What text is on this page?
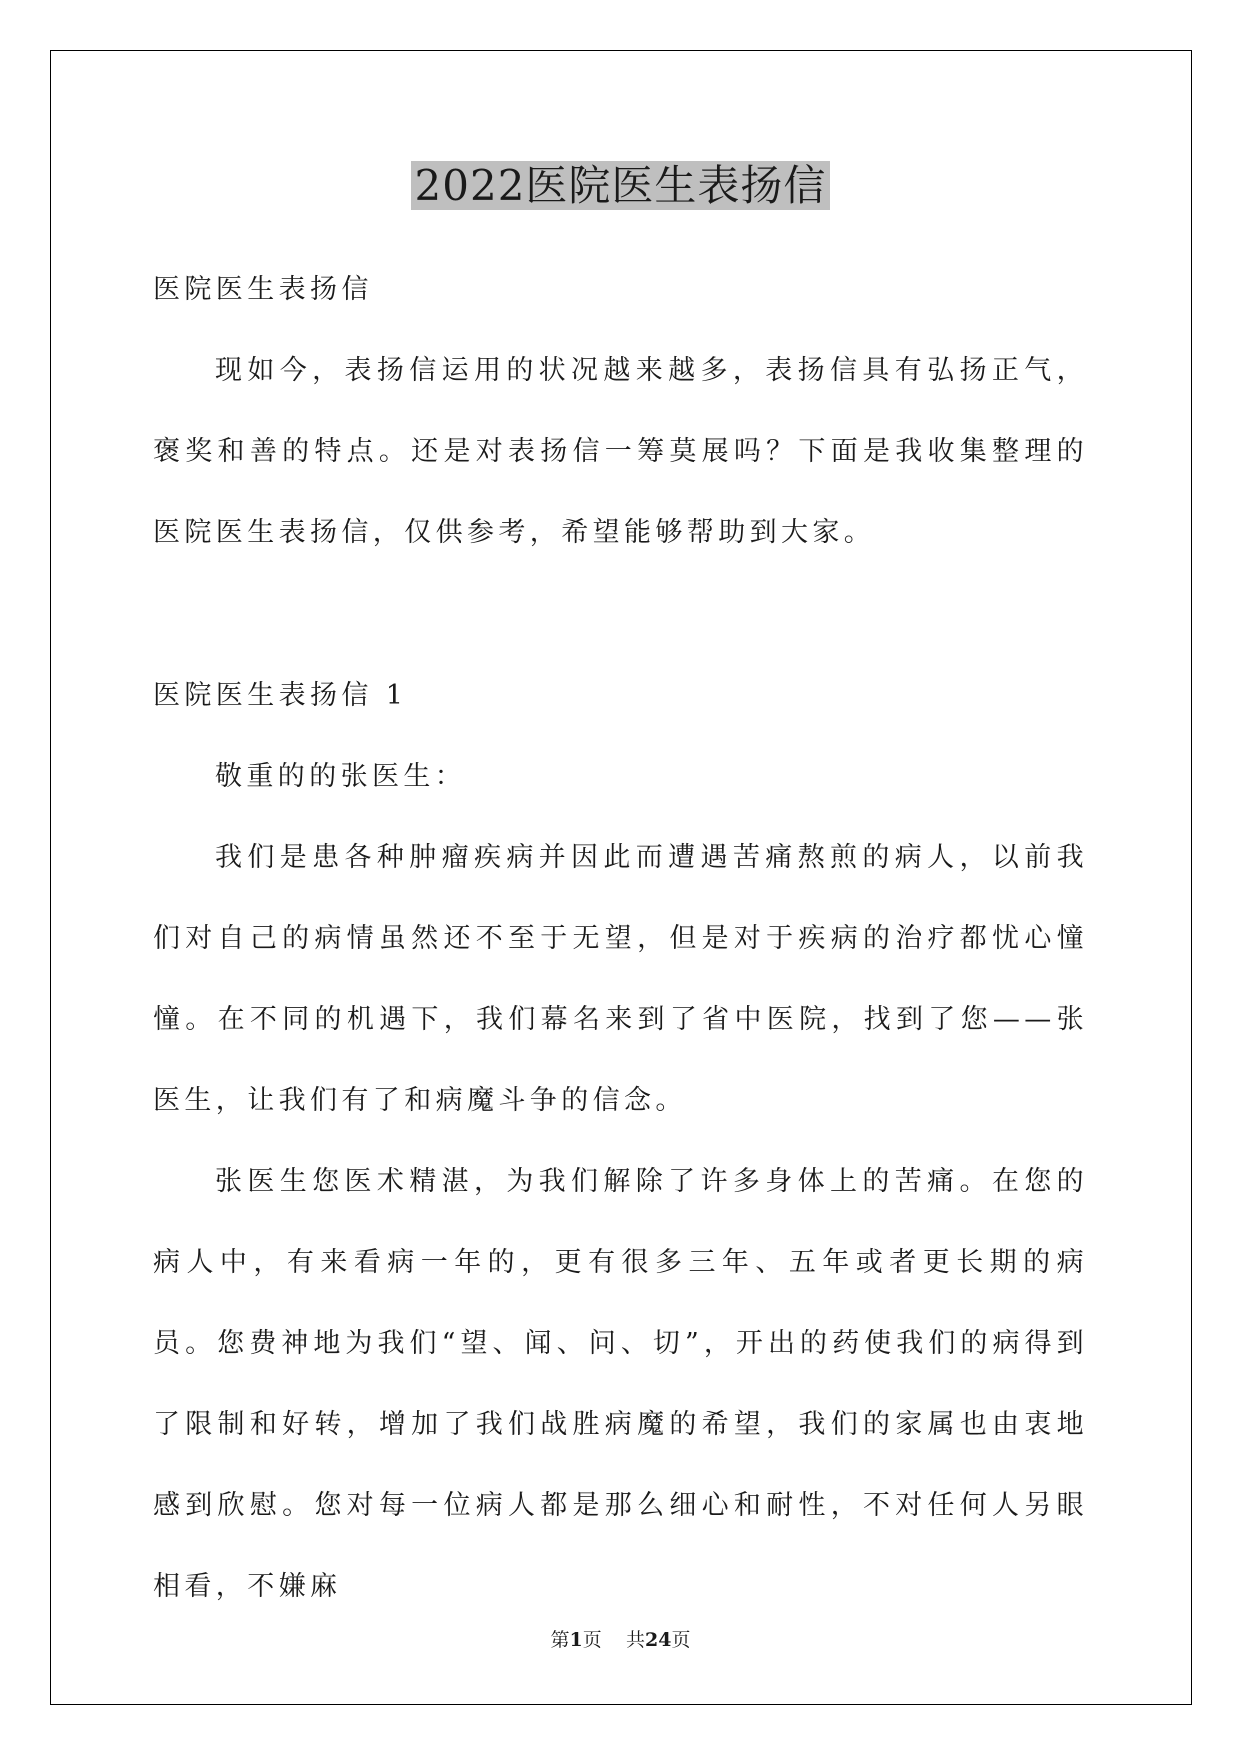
2022医院医生表扬信

医院医生表扬信

现如今，表扬信运用的状况越来越多，表扬信具有弘扬正气，褒奖和善的特点。还是对表扬信一筹莫展吗？下面是我收集整理的医院医生表扬信，仅供参考，希望能够帮助到大家。

医院医生表扬信 1

敬重的的张医生：

我们是患各种肿瘤疾病并因此而遭遇苦痛熬煎的病人，以前我们对自己的病情虽然还不至于无望，但是对于疾病的治疗都忧心憧憧。在不同的机遇下，我们幕名来到了省中医院，找到了您——张医生，让我们有了和病魔斗争的信念。

张医生您医术精湛，为我们解除了许多身体上的苦痛。在您的病人中，有来看病一年的，更有很多三年、五年或者更长期的病员。您费神地为我们“望、闻、问、切”，开出的药使我们的病得到了限制和好转，增加了我们战胜病魔的希望，我们的家属也由衷地感到欣慰。您对每一位病人都是那么细心和耐性，不对任何人另眼相看，不嫌麻

第1页 共24页
